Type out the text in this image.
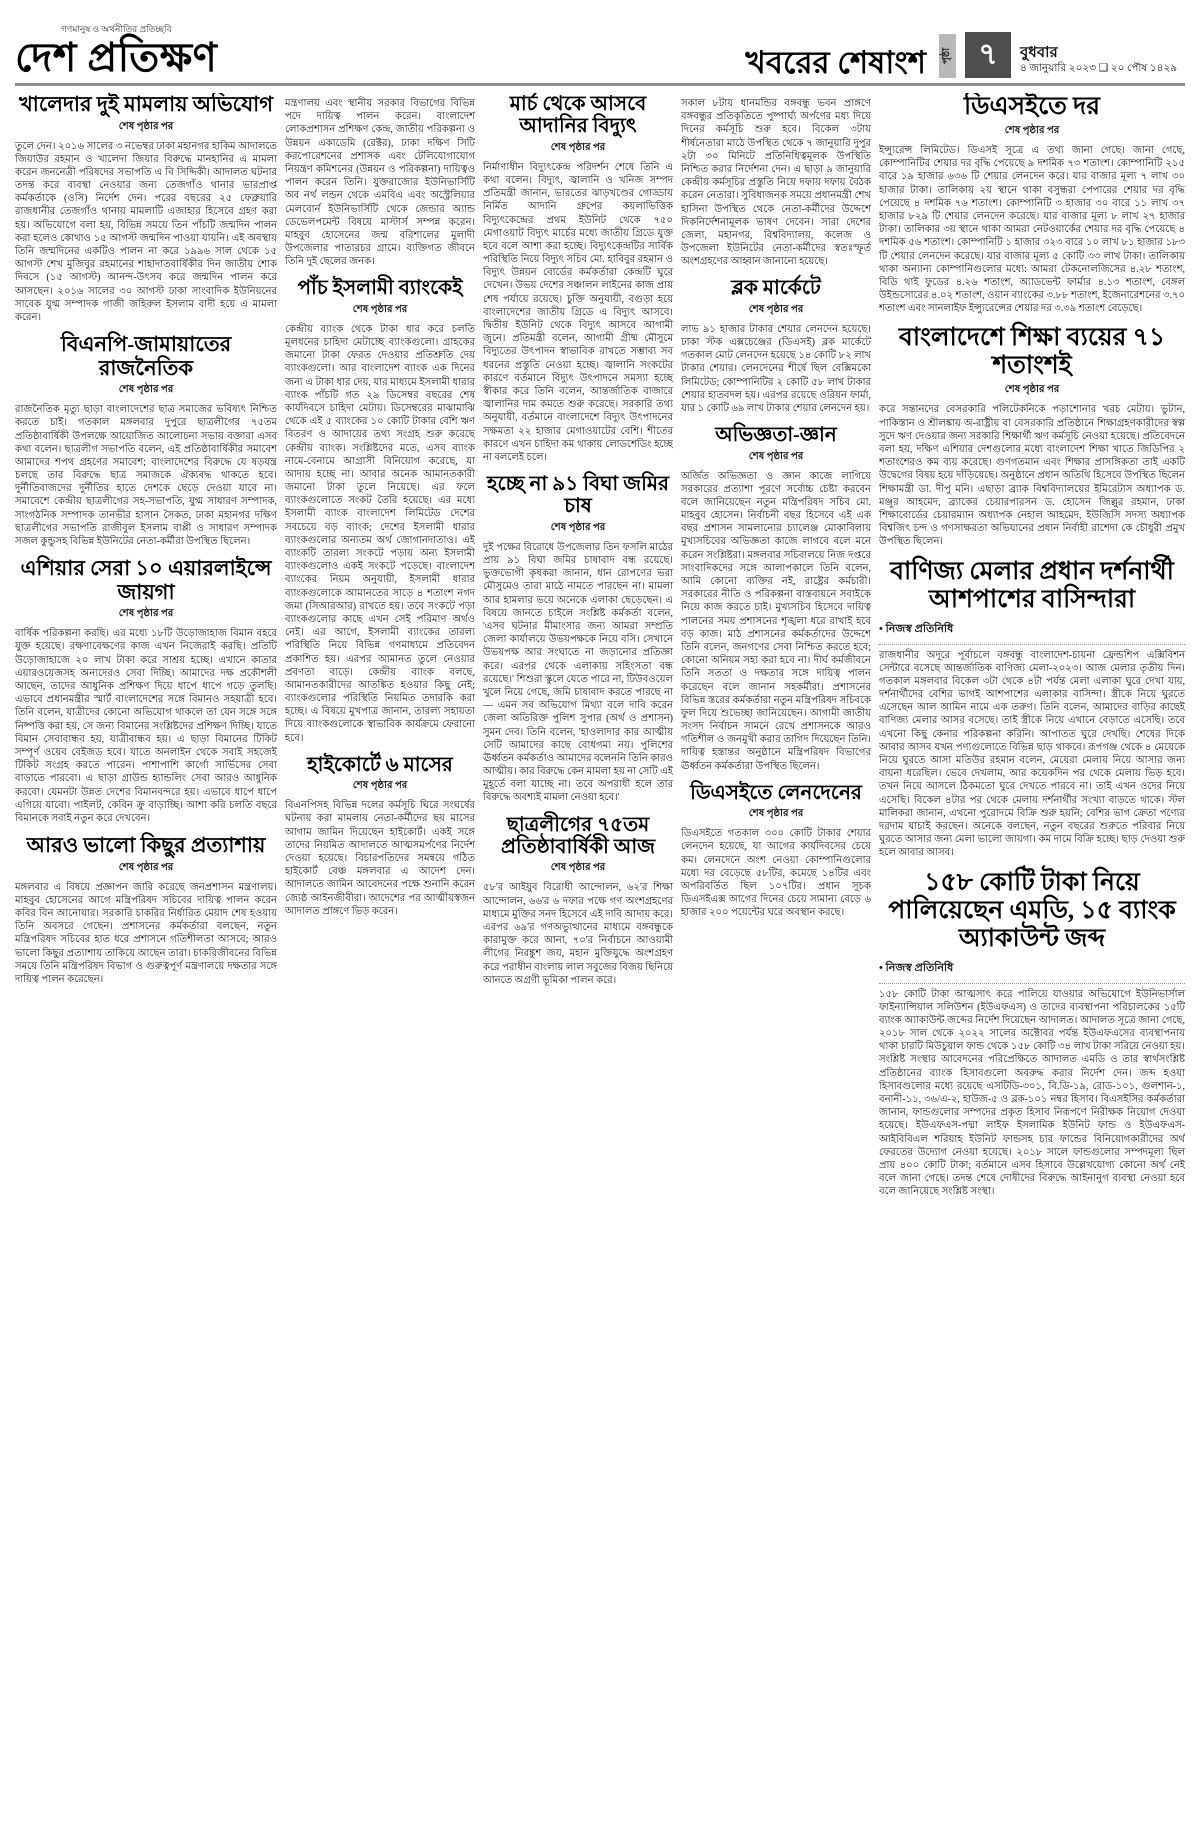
গণমানুষ ও অর্থনীতির প্রতিচ্ছবি
দেশ প্রতিক্ষণ	খবরের শেষাংশ পৃষ্ঠা ৭	বুধবার
৪ জানুয়ারি ২০২৩ ❑ ২০ পৌষ ১৪২৯
খালেদার দুই মামলায় অভিযোগ
শেষ পৃষ্ঠার পর

তুলে দেন। ২০১৬ সালের ৩ নভেম্বর ঢাকা মহানগর হাকিম আদালতে জিয়াউর রহমান ও খালেদা জিয়ার বিরুদ্ধে মানহানির এ মামলা করেন জননেত্রী পরিষদের সভাপতি এ বি সিদ্দিকী। আদালত ঘটনার তদন্ত করে ব্যবস্থা নেওয়ার জন্য তেজগাঁও থানার ভারপ্রাপ্ত কর্মকর্তাকে (ওসি) নির্দেশ দেন। পরের বছরের ২৫ ফেব্রুয়ারি রাজধানীর তেজগাঁও থানায় মামলাটি এজাহার হিসেবে গ্রহণ করা হয়। অভিযোগে বলা হয়, বিভিন্ন সময়ে তিন পাঁচটি জন্মদিন পালন করা হলেও কোথাও ১৫ আগস্ট জন্মদিন পাওয়া যায়নি। এই অবস্থায় তিনি জন্মদিনের একটিও পালন না করে ১৯৯৬ সাল থেকে ১৫ আগস্ট শেখ মুজিবুর রহমানের শাহাদাতবার্ষিকীর দিন জাতীয় শোক দিবসে (১৫ আগস্ট) আনন্দ-উৎসব করে জন্মদিন পালন করে আসছেন। ২০১৬ সালের ৩০ আগস্ট ঢাকা সাংবাদিক ইউনিয়নের সাবেক যুগ্ম সম্পাদক গাজী জহিরুল ইসলাম বাদী হয়ে এ মামলা করেন।

বিএনপি-জামায়াতের রাজনৈতিক
শেষ পৃষ্ঠার পর

রাজনৈতিক মৃত্যু ছাড়া বাংলাদেশের ছাত্র সমাজের ভবিষ্যৎ নিশ্চিত করতে চাই। গতকাল মঙ্গলবার দুপুরে ছাত্রলীগের ৭৫তম প্রতিষ্ঠাবার্ষিকী উপলক্ষে আয়োজিত আলোচনা সভায় বক্তারা এসব কথা বলেন। ছাত্রলীগ সভাপতি বলেন, এই প্রতিষ্ঠাবার্ষিকীর সমাবেশ আমাদের শপথ গ্রহণের সমাবেশ; বাংলাদেশের বিরুদ্ধে যে ষড়যন্ত্র চলছে তার বিরুদ্ধে ছাত্র সমাজকে ঐক্যবদ্ধ থাকতে হবে। দুর্নীতিবাজদের দুর্নীতির হাতে দেশকে ছেড়ে দেওয়া যাবে না। সমাবেশে কেন্দ্রীয় ছাত্রলীগের সহ-সভাপতি, যুগ্ম সাধারণ সম্পাদক, সাংগঠনিক সম্পাদক তানভীর হাসান সৈকত, ঢাকা মহানগর দক্ষিণ ছাত্রলীগের সভাপতি রাজীবুল ইসলাম বাপ্পী ও সাধারণ সম্পাদক সজল কুন্ডুসহ বিভিন্ন ইউনিটের নেতা-কর্মীরা উপস্থিত ছিলেন।

এশিয়ার সেরা ১০ এয়ারলাইন্সে জায়গা
শেষ পৃষ্ঠার পর

বার্ষিক পরিকল্পনা করছি। এর মধ্যে ১৮টি উড়োজাহাজ বিমান বহরে যুক্ত হয়েছে। রক্ষণাবেক্ষণের কাজ এখন নিজেরাই করছি। প্রতিটি উড়োজাহাজে ২০ লাখ টাকা করে সাশ্রয় হচ্ছে। এখানে কাতার এয়ারওয়েজসহ অন্যদেরও সেবা দিচ্ছি। আমাদের দক্ষ প্রকৌশলী আছেন, তাদের আধুনিক প্রশিক্ষণ দিয়ে ধাপে ধাপে গড়ে তুলছি। এভাবে প্রধানমন্ত্রীর স্মার্ট বাংলাদেশের সঙ্গে বিমানও সহযাত্রী হবে। তিনি বলেন, যাত্রীদের কোনো অভিযোগ থাকলে তা যেন সঙ্গে সঙ্গে নিষ্পত্তি করা হয়, সে জন্য বিমানের সংশ্লিষ্টদের প্রশিক্ষণ দিচ্ছি। যাতে বিমান সেবাবান্ধব হয়, যাত্রীবান্ধব হয়। এ ছাড়া বিমানের টিকিট সম্পূর্ণ ওয়েব বেইজড হবে। যাতে অনলাইন থেকে সবাই সহজেই টিকিট সংগ্রহ করতে পারেন। পাশাপাশি কার্গো সার্ভিসের সেবা বাড়াতে পারবো। এ ছাড়া গ্রাউন্ড হ্যান্ডলিং সেবা আরও আধুনিক করবো। যেমনটা উন্নত দেশের বিমানবন্দরে হয়। এভাবে ধাপে ধাপে এগিয়ে যাবো। পাইলট, কেবিন ক্রু বাড়াচ্ছি। আশা করি চলতি বছরে বিমানকে সবাই নতুন করে দেখবেন।

আরও ভালো কিছুর প্রত্যাশায়
শেষ পৃষ্ঠার পর

মঙ্গলবার এ বিষয়ে প্রজ্ঞাপন জারি করেছে জনপ্রশাসন মন্ত্রণালয়। মাহবুব হোসেনের আগে মন্ত্রিপরিষদ সচিবের দায়িত্ব পালন করেন কবির বিন আনোয়ার। সরকারি চাকরির নির্ধারিত মেয়াদ শেষ হওয়ায় তিনি অবসরে গেছেন। প্রশাসনের কর্মকর্তারা বলছেন, নতুন মন্ত্রিপরিষদ সচিবের হাত ধরে প্রশাসনে গতিশীলতা আসবে; আরও ভালো কিছুর প্রত্যাশায় তাকিয়ে আছেন তারা। চাকরিজীবনের বিভিন্ন সময়ে তিনি মন্ত্রিপরিষদ বিভাগ ও গুরুত্বপূর্ণ মন্ত্রণালয়ে দক্ষতার সঙ্গে দায়িত্ব পালন করেছেন।

মন্ত্রণালয় এবং স্থানীয় সরকার বিভাগের বিভিন্ন পদে দায়িত্ব পালন করেন। বাংলাদেশ লোকপ্রশাসন প্রশিক্ষণ কেন্দ্র, জাতীয় পরিকল্পনা ও উন্নয়ন একাডেমি (রেক্টর), ঢাকা দক্ষিণ সিটি করপোরেশনের প্রশাসক এবং টেলিযোগাযোগ নিয়ন্ত্রণ কমিশনের (উন্নয়ন ও পরিকল্পনা) দায়িত্বও পালন করেন তিনি। যুক্তরাজ্যের ইউনিভার্সিটি অব নর্থ লন্ডন থেকে এমবিএ এবং অস্ট্রেলিয়ার মেলবোর্ন ইউনিভার্সিটি থেকে জেন্ডার অ্যান্ড ডেভেলপমেন্ট বিষয়ে মাস্টার্স সম্পন্ন করেন। মাহবুব হোসেনের জন্ম বরিশালের মুলাদী উপজেলার পাতারচর গ্রামে। ব্যক্তিগত জীবনে তিনি দুই ছেলের জনক।

পাঁচ ইসলামী ব্যাংকেই
শেষ পৃষ্ঠার পর

কেন্দ্রীয় ব্যাংক থেকে টাকা ধার করে চলতি মূলধনের চাহিদা মেটাচ্ছে ব্যাংকগুলো। গ্রাহকের জমানো টাকা ফেরত দেওয়ার প্রতিশ্রুতি দেয় ব্যাংকগুলো। আর বাংলাদেশ ব্যাংক এক দিনের জন্য এ টাকা ধার দেয়, যার মাধ্যমে ইসলামী ধারার ব্যাংক পাঁচটি গত ২৯ ডিসেম্বর বছরের শেষ কার্যদিবসে চাহিদা মেটায়। ডিসেম্বরের মাঝামাঝি থেকে এই ৫ ব্যাংকের ১০ কোটি টাকার বেশি ঋণ বিতরণ ও আদায়ের তথ্য সংগ্রহ শুরু করেছে কেন্দ্রীয় ব্যাংক। সংশ্লিষ্টদের মতে, এসব ব্যাংক নামে-বেনামে আগ্রাসী বিনিয়োগ করেছে, যা আদায় হচ্ছে না। আবার অনেক আমানতকারী জমানো টাকা তুলে নিয়েছে। এর ফলে ব্যাংকগুলোতে সংকট তৈরি হয়েছে। এর মধ্যে ইসলামী ব্যাংক বাংলাদেশ লিমিটেড দেশের সবচেয়ে বড় ব্যাংক; দেশের ইসলামী ধারার ব্যাংকগুলোর অন্যতম অর্থ জোগানদাতাও। এই ব্যাংকটি তারল্য সংকটে পড়ায় অন্য ইসলামী ব্যাংকগুলোও একই সংকটে পড়েছে। বাংলাদেশ ব্যাংকের নিয়ম অনুযায়ী, ইসলামী ধারার ব্যাংকগুলোকে আমানতের সাড়ে ৪ শতাংশ নগদ জমা (সিআরআর) রাখতে হয়। তবে সংকটে পড়া ব্যাংকগুলোর কাছে এখন সেই পরিমাণ অর্থও নেই। এর আগে, ইসলামী ব্যাংকের তারল্য পরিস্থিতি নিয়ে বিভিন্ন গণমাধ্যমে প্রতিবেদন প্রকাশিত হয়। এরপর আমানত তুলে নেওয়ার প্রবণতা বাড়ে। কেন্দ্রীয় ব্যাংক বলছে, আমানতকারীদের আতঙ্কিত হওয়ার কিছু নেই; ব্যাংকগুলোর পরিস্থিতি নিয়মিত তদারকি করা হচ্ছে। এ বিষয়ে মুখপাত্র জানান, তারল্য সহায়তা দিয়ে ব্যাংকগুলোকে স্বাভাবিক কার্যক্রমে ফেরানো হবে।

হাইকোর্টে ৬ মাসের
শেষ পৃষ্ঠার পর

বিএনপিসহ বিভিন্ন দলের কর্মসূচি ঘিরে সংঘর্ষের ঘটনায় করা মামলায় নেতা-কর্মীদের ছয় মাসের আগাম জামিন দিয়েছেন হাইকোর্ট। একই সঙ্গে তাদের নিয়মিত আদালতে আত্মসমর্পণের নির্দেশ দেওয়া হয়েছে। বিচারপতিদের সমন্বয়ে গঠিত হাইকোর্ট বেঞ্চ মঙ্গলবার এ আদেশ দেন। আদালতে জামিন আবেদনের পক্ষে শুনানি করেন জ্যেষ্ঠ আইনজীবীরা। আদেশের পর আত্মীয়স্বজন আদালত প্রাঙ্গণে ভিড় করেন।

মার্চ থেকে আসবে আদানির বিদ্যুৎ
শেষ পৃষ্ঠার পর

নির্মাণাধীন বিদ্যুৎকেন্দ্র পরিদর্শন শেষে তিনি এ কথা বলেন। বিদ্যুৎ, জ্বালানি ও খনিজ সম্পদ প্রতিমন্ত্রী জানান, ভারতের ঝাড়খণ্ডের গোড্ডায় নির্মিত আদানি গ্রুপের কয়লাভিত্তিক বিদ্যুৎকেন্দ্রের প্রথম ইউনিট থেকে ৭৫০ মেগাওয়াট বিদ্যুৎ মার্চের মধ্যে জাতীয় গ্রিডে যুক্ত হবে বলে আশা করা হচ্ছে। বিদ্যুৎকেন্দ্রটির সার্বিক পরিস্থিতি নিয়ে বিদ্যুৎ সচিব মো. হাবিবুর রহমান ও বিদ্যুৎ উন্নয়ন বোর্ডের কর্মকর্তারা কেন্দ্রটি ঘুরে দেখেন। উভয় দেশের সঞ্চালন লাইনের কাজ প্রায় শেষ পর্যায়ে রয়েছে। চুক্তি অনুযায়ী, বগুড়া হয়ে বাংলাদেশের জাতীয় গ্রিডে এ বিদ্যুৎ আসবে। দ্বিতীয় ইউনিট থেকে বিদ্যুৎ আসবে আগামী জুনে। প্রতিমন্ত্রী বলেন, আগামী গ্রীষ্ম মৌসুমে বিদ্যুতের উৎপাদন স্বাভাবিক রাখতে সম্ভাব্য সব ধরনের প্রস্তুতি নেওয়া হচ্ছে। জ্বালানি সংকটের কারণে বর্তমানে বিদ্যুৎ উৎপাদনে সমস্যা হচ্ছে স্বীকার করে তিনি বলেন, আন্তর্জাতিক বাজারে জ্বালানির দাম কমতে শুরু করেছে। সরকারি তথ্য অনুযায়ী, বর্তমানে বাংলাদেশে বিদ্যুৎ উৎপাদনের সক্ষমতা ২২ হাজার মেগাওয়াটের বেশি। শীতের কারণে এখন চাহিদা কম থাকায় লোডশেডিং হচ্ছে না বললেই চলে।

হচ্ছে না ৯১ বিঘা জমির চাষ
শেষ পৃষ্ঠার পর

দুই পক্ষের বিরোধে উপজেলার তিন ফসলি মাঠের প্রায় ৯১ বিঘা জমির চাষাবাদ বন্ধ রয়েছে। ভুক্তভোগী কৃষকরা জানান, ধান রোপণের ভরা মৌসুমেও তারা মাঠে নামতে পারছেন না। মামলা আর হামলার ভয়ে অনেকে এলাকা ছেড়েছেন। এ বিষয়ে জানতে চাইলে সংশ্লিষ্ট কর্মকর্তা বলেন, 'এসব ঘটনার মীমাংসার জন্য আমরা সম্প্রতি জেলা কার্যালয়ে উভয়পক্ষকে নিয়ে বসি। সেখানে উভয়পক্ষ আর সংঘাতে না জড়ানোর প্রতিজ্ঞা করে। এরপর থেকে এলাকায় সহিংসতা বন্ধ রয়েছে।' শিশুরা স্কুলে যেতে পারে না, টিউবওয়েল খুলে নিয়ে গেছে, জমি চাষাবাদ করতে পারছে না— এমন সব অভিযোগ মিথ্যা বলে দাবি করেন জেলা অতিরিক্ত পুলিশ সুপার (অর্থ ও প্রশাসন) সুমন দেব। তিনি বলেন, 'হাওলাদার কার আত্মীয় সেটি আমাদের কাছে বোধগম্য নয়। পুলিশের ঊর্ধ্বতন কর্মকর্তাও আমাদের বলেননি তিনি কারও আত্মীয়। কার বিরুদ্ধে কেন মামলা হয় না সেটি এই মুহূর্তে বলা যাচ্ছে না। তবে অপরাধী হলে তার বিরুদ্ধে অবশ্যই মামলা নেওয়া হবে।'

ছাত্রলীগের ৭৫তম প্রতিষ্ঠাবার্ষিকী আজ
শেষ পৃষ্ঠার পর

৫৮'র আইয়ুব বিরোধী আন্দোলন, ৬২'র শিক্ষা আন্দোলন, ৬৬'র ৬ দফার পক্ষে গণ অংশগ্রহণের মাধ্যমে মুক্তির সনদ হিসেবে এই দাবি আদায় করে। এরপর ৬৯'র গণঅভ্যুত্থানের মাধ্যমে বঙ্গবন্ধুকে কারামুক্ত করে আনা, ৭০'র নির্বাচনে আওয়ামী লীগের নিরঙ্কুশ জয়, মহান মুক্তিযুদ্ধে অংশগ্রহণ করে পরাধীন বাংলায় লাল সবুজের বিজয় ছিনিয়ে আনতে অগ্রণী ভূমিকা পালন করে।

সকাল ৮টায় ধানমন্ডির বঙ্গবন্ধু ভবন প্রাঙ্গণে বঙ্গবন্ধুর প্রতিকৃতিতে পুষ্পার্ঘ্য অর্পণের মধ্য দিয়ে দিনের কর্মসূচি শুরু হবে। বিকেল ৩টায় শীর্ষনেতারা মাঠে উপস্থিত থেকে ৭ জানুয়ারি দুপুর ২টা ৩০ মিনিটে প্রতিনিধিত্বমূলক উপস্থিতি নিশ্চিত করার নির্দেশনা দেন। এ ছাড়া ৯ জানুয়ারি কেন্দ্রীয় কর্মসূচির প্রস্তুতি নিয়ে দফায় দফায় বৈঠক করেন নেতারা। সুবিধাজনক সময়ে প্রধানমন্ত্রী শেখ হাসিনা উপস্থিত থেকে নেতা-কর্মীদের উদ্দেশে দিকনির্দেশনামূলক ভাষণ দেবেন। সারা দেশের জেলা, মহানগর, বিশ্ববিদ্যালয়, কলেজ ও উপজেলা ইউনিটের নেতা-কর্মীদের স্বতঃস্ফূর্ত অংশগ্রহণের আহ্বান জানানো হয়েছে।

ব্লক মার্কেটে
শেষ পৃষ্ঠার পর

লাভ ৯১ হাজার টাকার শেয়ার লেনদেন হয়েছে। ঢাকা স্টক এক্সচেঞ্জের (ডিএসই) ব্লক মার্কেটে গতকাল মোট লেনদেন হয়েছে ১৪ কোটি ৮২ লাখ টাকার শেয়ার। লেনদেনের শীর্ষে ছিল বেক্সিমকো লিমিটেড; কোম্পানিটির ২ কোটি ৫৮ লাখ টাকার শেয়ার হাতবদল হয়। এরপর রয়েছে ওরিয়ন ফার্মা, যার ১ কোটি ৬৯ লাখ টাকার শেয়ার লেনদেন হয়।

অভিজ্ঞতা-জ্ঞান
শেষ পৃষ্ঠার পর

অর্জিত অভিজ্ঞতা ও জ্ঞান কাজে লাগিয়ে সরকারের প্রত্যাশা পূরণে সর্বোচ্চ চেষ্টা করবেন বলে জানিয়েছেন নতুন মন্ত্রিপরিষদ সচিব মো. মাহবুব হোসেন। নির্বাচনী বছর হিসেবে এই এক বছর প্রশাসন সামলানোর চ্যালেঞ্জ মোকাবিলায় মুখ্যসচিবের অভিজ্ঞতা কাজে লাগবে বলে মনে করেন সংশ্লিষ্টরা। মঙ্গলবার সচিবালয়ে নিজ দপ্তরে সাংবাদিকদের সঙ্গে আলাপকালে তিনি বলেন, আমি কোনো ব্যক্তির নই, রাষ্ট্রের কর্মচারী। সরকারের নীতি ও পরিকল্পনা বাস্তবায়নে সবাইকে নিয়ে কাজ করতে চাই। মুখ্যসচিব হিসেবে দায়িত্ব পালনের সময় প্রশাসনের শৃঙ্খলা ধরে রাখাই হবে বড় কাজ। মাঠ প্রশাসনের কর্মকর্তাদের উদ্দেশে তিনি বলেন, জনগণের সেবা নিশ্চিত করতে হবে; কোনো অনিয়ম সহ্য করা হবে না। দীর্ঘ কর্মজীবনে তিনি সততা ও দক্ষতার সঙ্গে দায়িত্ব পালন করেছেন বলে জানান সহকর্মীরা। প্রশাসনের বিভিন্ন স্তরের কর্মকর্তারা নতুন মন্ত্রিপরিষদ সচিবকে ফুল দিয়ে শুভেচ্ছা জানিয়েছেন। আগামী জাতীয় সংসদ নির্বাচন সামনে রেখে প্রশাসনকে আরও গতিশীল ও জনমুখী করার তাগিদ দিয়েছেন তিনি। দায়িত্ব হস্তান্তর অনুষ্ঠানে মন্ত্রিপরিষদ বিভাগের ঊর্ধ্বতন কর্মকর্তারা উপস্থিত ছিলেন।

ডিএসইতে লেনদেনের
শেষ পৃষ্ঠার পর

ডিএসইতে গতকাল ৩০০ কোটি টাকার শেয়ার লেনদেন হয়েছে, যা আগের কার্যদিবসের চেয়ে কম। লেনদেনে অংশ নেওয়া কোম্পানিগুলোর মধ্যে দর বেড়েছে ৫৮টির, কমেছে ১৪টির এবং অপরিবর্তিত ছিল ১০৭টির। প্রধান সূচক ডিএসইএক্স আগের দিনের চেয়ে সামান্য বেড়ে ৬ হাজার ২০০ পয়েন্টের ঘরে অবস্থান করছে।

ডিএসইতে দর
শেষ পৃষ্ঠার পর

ইন্স্যুরেন্স লিমিটেড। ডিএসই সূত্রে এ তথ্য জানা গেছে। জানা গেছে, কোম্পানিটির শেয়ার দর বৃদ্ধি পেয়েছে ৯ দশমিক ৭৩ শতাংশ। কোম্পানিটি ২১৫ বারে ১৯ হাজার ৬৩৬ টি শেয়ার লেনদেন করে। যার বাজার মূল্য ৭ লাখ ৩০ হাজার টাকা। তালিকায় ২য় স্থানে থাকা বসুন্ধরা পেপারের শেয়ার দর বৃদ্ধি পেয়েছে ৪ দশমিক ৭৬ শতাংশ। কোম্পানিটি ৩ হাজার ৩০ বারে ১১ লাখ ৩৭ হাজার ৮২৯ টি শেয়ার লেনদেন করেছে। যার বাজার মূল্য ৮ লাখ ২৭ হাজার টাকা। তালিকার ৩য় স্থানে থাকা আমরা নেটওয়ার্কের শেয়ার দর বৃদ্ধি পেয়েছে ৪ দশমিক ৫৬ শতাংশ। কোম্পানিটি ১ হাজার ৩২৩ বারে ১০ লাখ ৮১ হাজার ১৮৩ টি শেয়ার লেনদেন করেছে। যার বাজার মূল্য ৫ কোটি ৩৩ লাখ টাকা। তালিকায় থাকা অন্যান্য কোম্পানিগুলোর মধ্যে: আমরা টেকনোলজিসের ৪.২৮ শতাংশ, বিডি থাই ফুডের ৪.২৬ শতাংশ, অ্যাডভেন্ট ফার্মার ৪.১৩ শতাংশ, বেঙ্গল উইন্ডসোরের ৪.০২ শতাংশ, ওয়ান ব্যাংকের ৩.৮৮ শতাংশ, ইজেনারেশনের ৩.৭০ শতাংশ এবং সানলাইফ ইন্স্যুরেন্সের শেয়ার দর ৩.৩৯ শতাংশ বেড়েছে।

বাংলাদেশে শিক্ষা ব্যয়ের ৭১ শতাংশই
শেষ পৃষ্ঠার পর

করে সন্তানদের বেসরকারি পলিটেকনিকে পড়াশোনার খরচ মেটায়। ভুটান, পাকিস্তান ও শ্রীলঙ্কায় অ-রাষ্ট্রীয় বা বেসরকারি প্রতিষ্ঠানে শিক্ষাগ্রহণকারীদের স্বল্প সুদে ঋণ দেওয়ার জন্য সরকারি শিক্ষার্থী ঋণ কর্মসূচি নেওয়া হয়েছে। প্রতিবেদনে বলা হয়, দক্ষিণ এশিয়ার দেশগুলোর মধ্যে বাংলাদেশ শিক্ষা খাতে জিডিপির ২ শতাংশেরও কম ব্যয় করেছে। গুণগতমান এবং শিক্ষার প্রাসঙ্গিকতা তাই একটি উদ্বেগের বিষয় হয়ে দাঁড়িয়েছে। অনুষ্ঠানে প্রধান অতিথি হিসেবে উপস্থিত ছিলেন শিক্ষামন্ত্রী ডা. দীপু মনি। এছাড়া ব্র্যাক বিশ্ববিদ্যালয়ের ইমিরেটাস অধ্যাপক ড. মঞ্জুর আহমেদ, ব্র্যাকের চেয়ারপারসন ড. হোসেন জিল্লুর রহমান, ঢাকা শিক্ষাবোর্ডের চেয়ারম্যান অধ্যাপক নেহাল আহমেদ, ইউজিসি সদস্য অধ্যাপক বিশ্বজিৎ চন্দ ও গণসাক্ষরতা অভিযানের প্রধান নির্বাহী রাশেদা কে চৌধুরী প্রমুখ উপস্থিত ছিলেন।

বাণিজ্য মেলার প্রধান দর্শনার্থী আশপাশের বাসিন্দারা
• নিজস্ব প্রতিনিধি

রাজধানীর অদূরে পূর্বাচলে বঙ্গবন্ধু বাংলাদেশ-চায়না ফ্রেন্ডশিপ এক্সিবিশন সেন্টারে বসেছে আন্তর্জাতিক বাণিজ্য মেলা-২০২৩। আজ মেলার তৃতীয় দিন। গতকাল মঙ্গলবার বিকেল ৩টা থেকে ৪টা পর্যন্ত মেলা এলাকা ঘুরে দেখা যায়, দর্শনার্থীদের বেশির ভাগই আশপাশের এলাকার বাসিন্দা। স্ত্রীকে নিয়ে ঘুরতে এসেছেন আল আমিন নামে এক তরুণ। তিনি বলেন, আমাদের বাড়ির কাছেই বাণিজ্য মেলার আসর বসেছে। তাই স্ত্রীকে নিয়ে এখানে বেড়াতে এসেছি। তবে এখনো কিছু কেনার পরিকল্পনা করিনি। আপাতত ঘুরে দেখছি। শেষের দিকে আবার আসব যখন পণ্যগুলোতে বিভিন্ন ছাড় থাকবে। রূপগঞ্জ থেকে ৪ মেয়েকে নিয়ে ঘুরতে আসা মতিউর রহমান বলেন, মেয়েরা মেলায় নিয়ে আসার জন্য বায়না ধরেছিল। ভেবে দেখলাম, আর কয়েকদিন পর থেকে মেলায় ভিড় হবে। তখন নিয়ে আসলে ঠিকমতো ঘুরে দেখতে পারবে না। তাই এখন ওদের নিয়ে এসেছি। বিকেল ৪টার পর থেকে মেলায় দর্শনার্থীর সংখ্যা বাড়তে থাকে। স্টল মালিকরা জানান, এখনো পুরোদমে বিক্রি শুরু হয়নি; বেশির ভাগ ক্রেতা পণ্যের দরদাম যাচাই করছেন। অনেকে বলছেন, নতুন বছরের শুরুতে পরিবার নিয়ে ঘুরতে আসার জন্য মেলা ভালো জায়গা। কম দামে বিক্রি হচ্ছে। ছাড় দেওয়া শুরু হলে আবার আসব।

১৫৮ কোটি টাকা নিয়ে পালিয়েছেন এমডি, ১৫ ব্যাংক অ্যাকাউন্ট জব্দ
• নিজস্ব প্রতিনিধি

১৫৮ কোটি টাকা আত্মসাৎ করে পালিয়ে যাওয়ার অভিযোগে ইউনিভার্সাল ফাইন্যান্সিয়াল সলিউশন (ইউএফএস) ও তাদের ব্যবস্থাপনা পরিচালকের ১৫টি ব্যাংক অ্যাকাউন্ট জব্দের নির্দেশ দিয়েছেন আদালত। আদালত সূত্রে জানা গেছে, ২০১৮ সাল থেকে ২০২২ সালের অক্টোবর পর্যন্ত ইউএফএসের ব্যবস্থাপনায় থাকা চারটি মিউচুয়াল ফান্ড থেকে ১৫৮ কোটি ৩৪ লাখ টাকা সরিয়ে নেওয়া হয়। সংশ্লিষ্ট সংস্থার আবেদনের পরিপ্রেক্ষিতে আদালত এমডি ও তার স্বার্থসংশ্লিষ্ট প্রতিষ্ঠানের ব্যাংক হিসাবগুলো অবরুদ্ধ করার নির্দেশ দেন। জব্দ হওয়া হিসাবগুলোর মধ্যে রয়েছে এসটিডি-৩০১, বি.ডি-১৯, রোড-১০১, গুলশান-১, বনানী-১১, ৩৬/এ-২, হাউজ-৫ ও ব্লক-১০১ নম্বর হিসাব। বিএসইসির কর্মকর্তারা জানান, ফান্ডগুলোর সম্পদের প্রকৃত হিসাব নিরূপণে নিরীক্ষক নিয়োগ দেওয়া হয়েছে। ইউএফএস-পদ্মা লাইফ ইসলামিক ইউনিট ফান্ড ও ইউএফএস-আইবিবিএল শরিয়াহ ইউনিট ফান্ডসহ চার ফান্ডের বিনিয়োগকারীদের অর্থ ফেরতের উদ্যোগ নেওয়া হয়েছে। ২০১৮ সালে ফান্ডগুলোর সম্পদমূল্য ছিল প্রায় ৪০০ কোটি টাকা; বর্তমানে এসব হিসাবে উল্লেখযোগ্য কোনো অর্থ নেই বলে জানা গেছে। তদন্ত শেষে দোষীদের বিরুদ্ধে আইনানুগ ব্যবস্থা নেওয়া হবে বলে জানিয়েছে সংশ্লিষ্ট সংস্থা।
